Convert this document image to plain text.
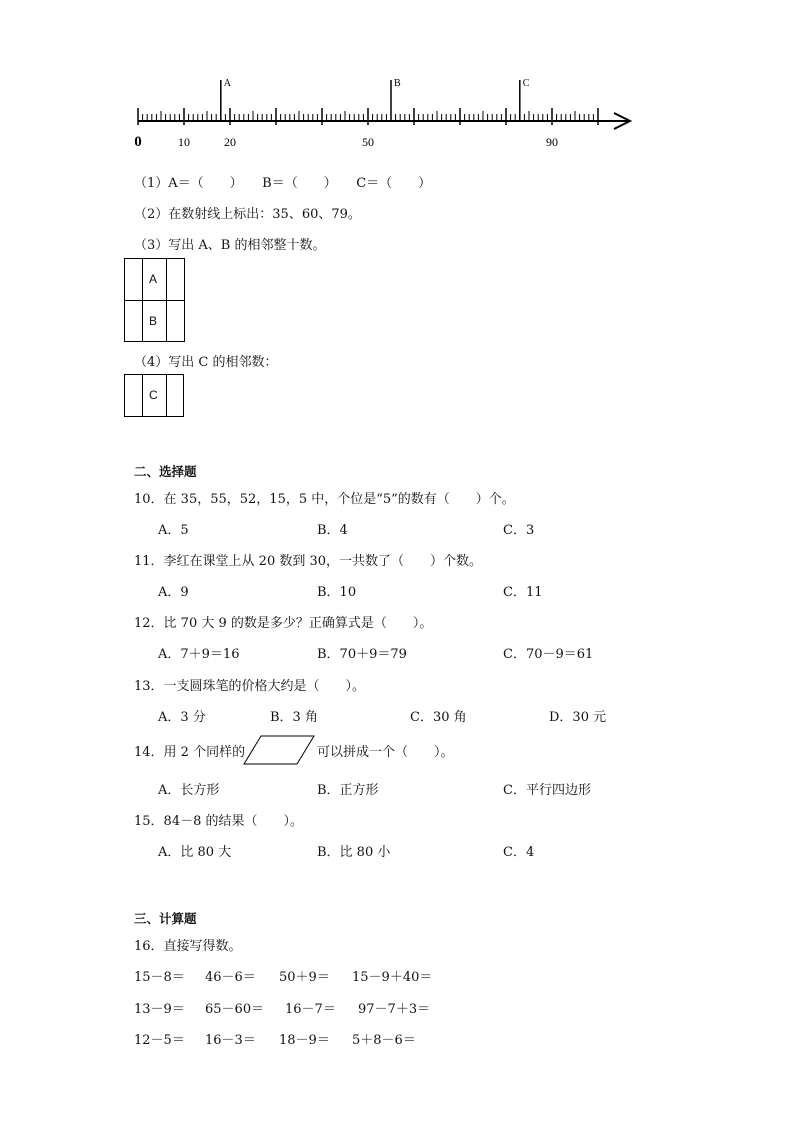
A	B	C
0	10	20	50	90
（1）A＝（　　）　　B＝（　　）　　C＝（　　）
（2）在数射线上标出：35、60、79。
（3）写出 A、B 的相邻整十数。
A
B
（4）写出 C 的相邻数：
C
二、选择题
10．在 35，55，52，15，5 中，个位是“5”的数有（　　）个。
A．5	B．4	C．3
11．李红在课堂上从 20 数到 30，一共数了（　　）个数。
A．9	B．10	C．11
12．比 70 大 9 的数是多少？正确算式是（　　）。
A．7＋9＝16	B．70＋9＝79	C．70－9＝61
13．一支圆珠笔的价格大约是（　　）。
A．3 分	B．3 角	C．30 角	D．30 元
14．用 2 个同样的	可以拼成一个（　　）。
A．长方形	B．正方形	C．平行四边形
15．84－8 的结果（　　）。
A．比 80 大	B．比 80 小	C．4
三、计算题
16．直接写得数。
15－8＝ 46－6＝ 50＋9＝ 15－9＋40＝
13－9＝ 65－60＝ 16－7＝ 97－7＋3＝
12－5＝ 16－3＝ 18－9＝ 5＋8－6＝
